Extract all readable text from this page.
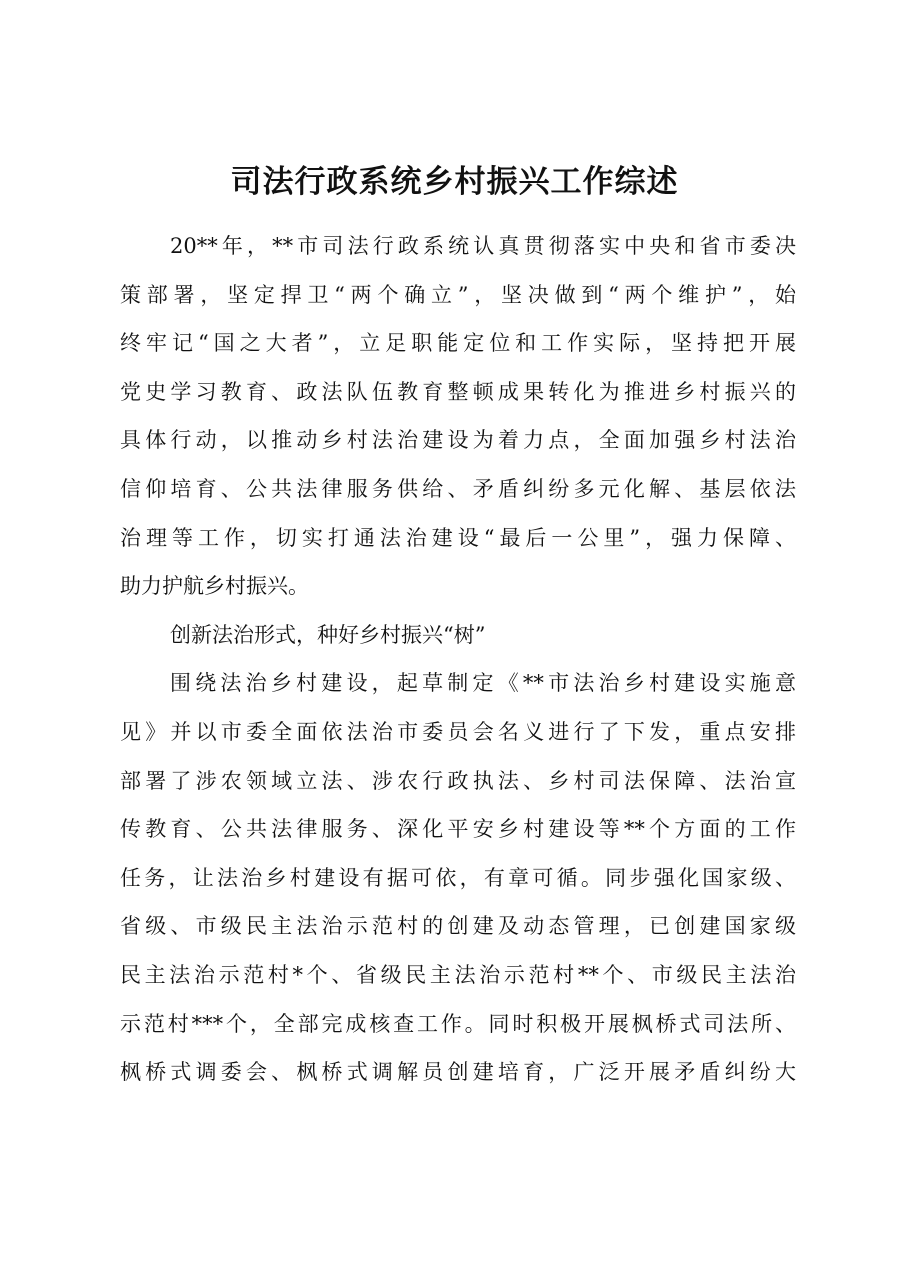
司法行政系统乡村振兴工作综述
20**年，**市司法行政系统认真贯彻落实中央和省市委决
策部署，坚定捍卫“两个确立”，坚决做到“两个维护”，始
终牢记“国之大者”，立足职能定位和工作实际，坚持把开展
党史学习教育、政法队伍教育整顿成果转化为推进乡村振兴的
具体行动，以推动乡村法治建设为着力点，全面加强乡村法治
信仰培育、公共法律服务供给、矛盾纠纷多元化解、基层依法
治理等工作，切实打通法治建设“最后一公里”，强力保障、
助力护航乡村振兴。
创新法治形式，种好乡村振兴“树”
围绕法治乡村建设，起草制定《**市法治乡村建设实施意
见》并以市委全面依法治市委员会名义进行了下发，重点安排
部署了涉农领域立法、涉农行政执法、乡村司法保障、法治宣
传教育、公共法律服务、深化平安乡村建设等**个方面的工作
任务，让法治乡村建设有据可依，有章可循。同步强化国家级、
省级、市级民主法治示范村的创建及动态管理，已创建国家级
民主法治示范村*个、省级民主法治示范村**个、市级民主法治
示范村***个，全部完成核查工作。同时积极开展枫桥式司法所、
枫桥式调委会、枫桥式调解员创建培育，广泛开展矛盾纠纷大
